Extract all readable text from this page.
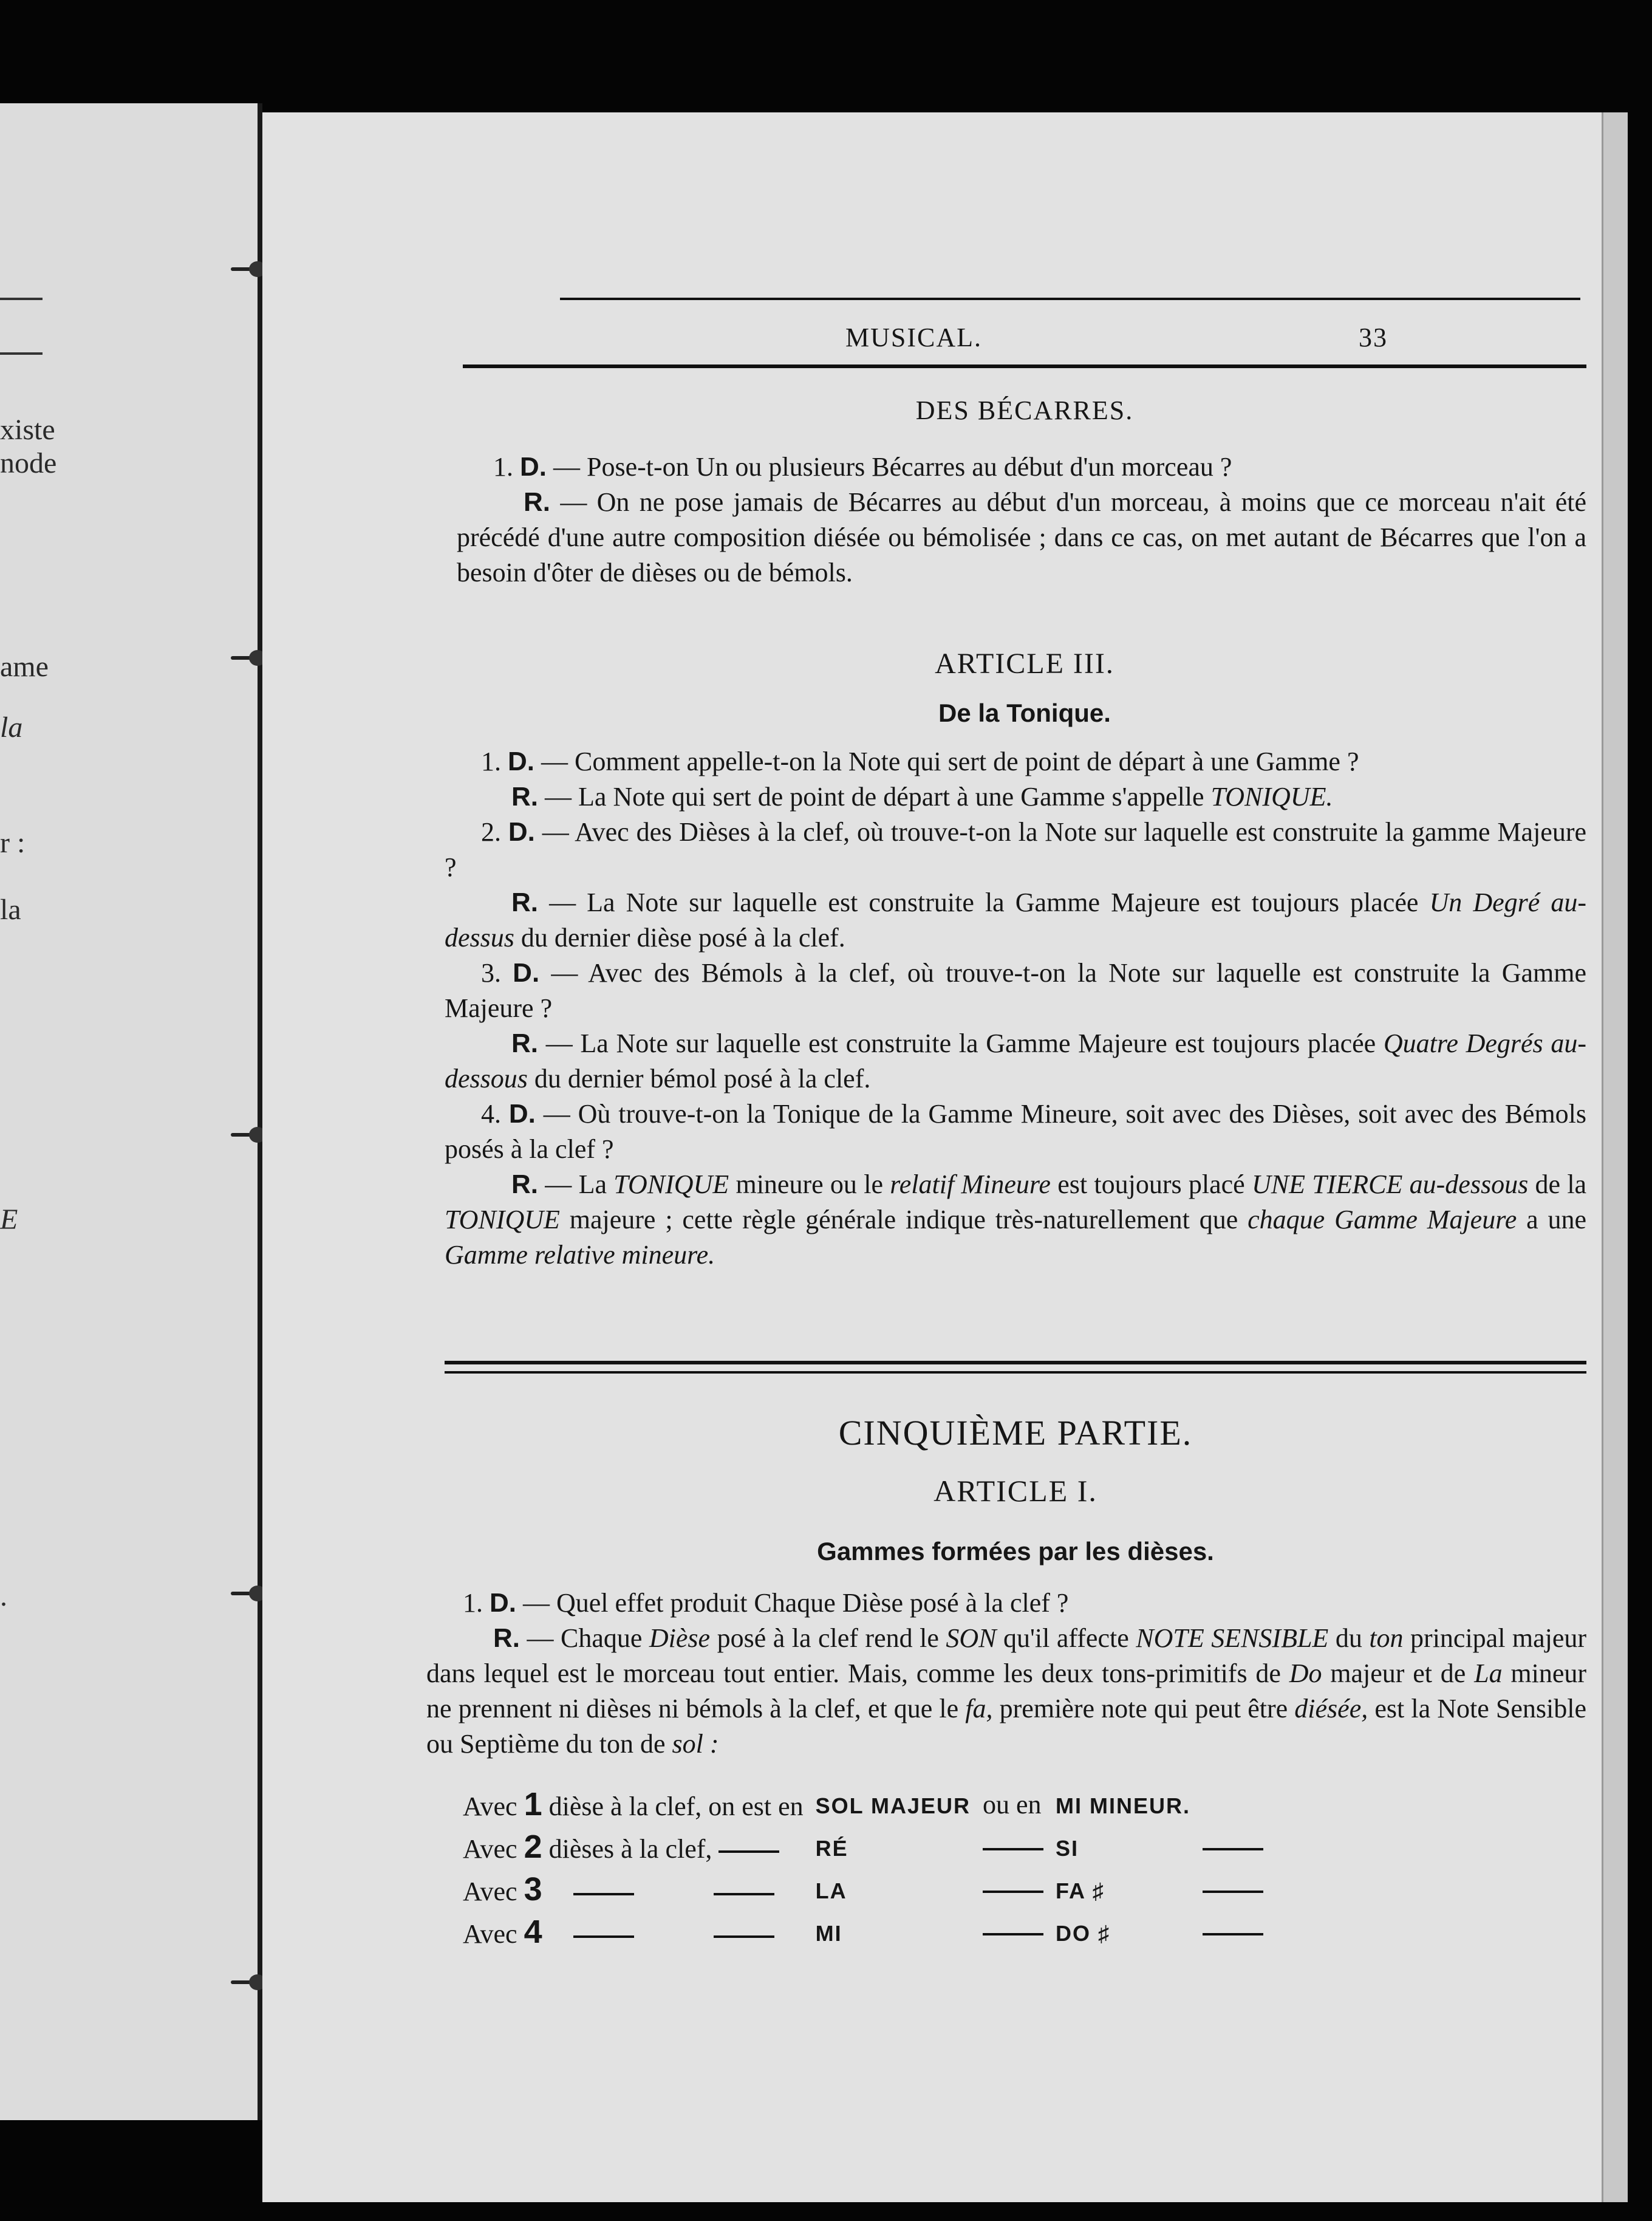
xiste
node
ame
la
r :
la
E
.
MUSICAL.	33
DES BÉCARRES.

1. D. — Pose-t-on Un ou plusieurs Bécarres au début d'un morceau ?
R. — On ne pose jamais de Bécarres au début d'un morceau, à moins que ce morceau n'ait été précédé d'une autre composition diésée ou bémolisée ; dans ce cas, on met autant de Bécarres que l'on a besoin d'ôter de dièses ou de bémols.

ARTICLE III.
De la Tonique.

1. D. — Comment appelle-t-on la Note qui sert de point de départ à une Gamme ?
R. — La Note qui sert de point de départ à une Gamme s'appelle TONIQUE.
2. D. — Avec des Dièses à la clef, où trouve-t-on la Note sur laquelle est construite la gamme Majeure ?
R. — La Note sur laquelle est construite la Gamme Majeure est toujours placée Un Degré au-dessus du dernier dièse posé à la clef.
3. D. — Avec des Bémols à la clef, où trouve-t-on la Note sur laquelle est construite la Gamme Majeure ?
R. — La Note sur laquelle est construite la Gamme Majeure est toujours placée Quatre Degrés au-dessous du dernier bémol posé à la clef.
4. D. — Où trouve-t-on la Tonique de la Gamme Mineure, soit avec des Dièses, soit avec des Bémols posés à la clef ?
R. — La TONIQUE mineure ou le relatif Mineure est toujours placé UNE TIERCE au-dessous de la TONIQUE majeure ; cette règle générale indique très-naturellement que chaque Gamme Majeure a une Gamme relative mineure.

CINQUIÈME PARTIE.
ARTICLE I.
Gammes formées par les dièses.

1. D. — Quel effet produit Chaque Dièse posé à la clef ?
R. — Chaque Dièse posé à la clef rend le SON qu'il affecte NOTE SENSIBLE du ton principal majeur dans lequel est le morceau tout entier. Mais, comme les deux tons-primitifs de Do majeur et de La mineur ne prennent ni dièses ni bémols à la clef, et que le fa, première note qui peut être diésée, est la Note Sensible ou Septième du ton de sol :

Avec 1 dièse à la clef, on est en	SOL MAJEUR	ou en	MI MINEUR.	
Avec 2 dièses à la clef,	RÉ		SI	
Avec 3	LA		FA ♯	
Avec 4	MI		DO ♯	
